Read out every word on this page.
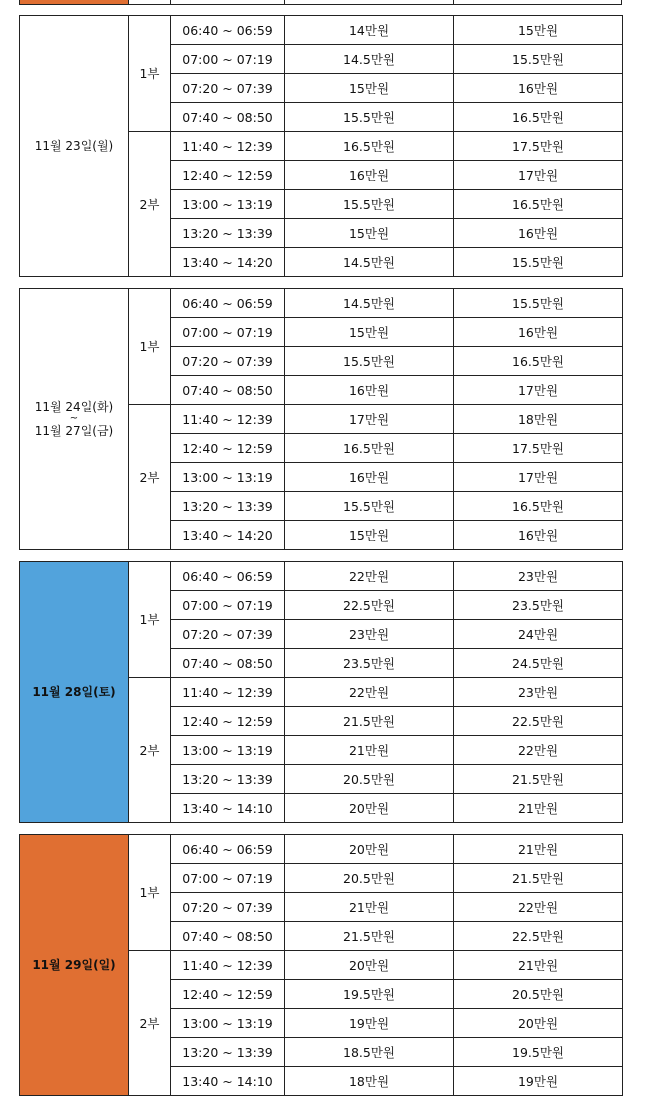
11월 23일(월)	1부	06:40 ~ 06:59	14만원	15만원
		07:00 ~ 07:19	14.5만원	15.5만원
		07:20 ~ 07:39	15만원	16만원
		07:40 ~ 08:50	15.5만원	16.5만원
	2부	11:40 ~ 12:39	16.5만원	17.5만원
		12:40 ~ 12:59	16만원	17만원
		13:00 ~ 13:19	15.5만원	16.5만원
		13:20 ~ 13:39	15만원	16만원
		13:40 ~ 14:20	14.5만원	15.5만원
11월 24일(화)
~
11월 27일(금)	1부	06:40 ~ 06:59	14.5만원	15.5만원
		07:00 ~ 07:19	15만원	16만원
		07:20 ~ 07:39	15.5만원	16.5만원
		07:40 ~ 08:50	16만원	17만원
	2부	11:40 ~ 12:39	17만원	18만원
		12:40 ~ 12:59	16.5만원	17.5만원
		13:00 ~ 13:19	16만원	17만원
		13:20 ~ 13:39	15.5만원	16.5만원
		13:40 ~ 14:20	15만원	16만원
11월 28일(토)	1부	06:40 ~ 06:59	22만원	23만원
		07:00 ~ 07:19	22.5만원	23.5만원
		07:20 ~ 07:39	23만원	24만원
		07:40 ~ 08:50	23.5만원	24.5만원
	2부	11:40 ~ 12:39	22만원	23만원
		12:40 ~ 12:59	21.5만원	22.5만원
		13:00 ~ 13:19	21만원	22만원
		13:20 ~ 13:39	20.5만원	21.5만원
		13:40 ~ 14:10	20만원	21만원
11월 29일(일)	1부	06:40 ~ 06:59	20만원	21만원
		07:00 ~ 07:19	20.5만원	21.5만원
		07:20 ~ 07:39	21만원	22만원
		07:40 ~ 08:50	21.5만원	22.5만원
	2부	11:40 ~ 12:39	20만원	21만원
		12:40 ~ 12:59	19.5만원	20.5만원
		13:00 ~ 13:19	19만원	20만원
		13:20 ~ 13:39	18.5만원	19.5만원
		13:40 ~ 14:10	18만원	19만원
